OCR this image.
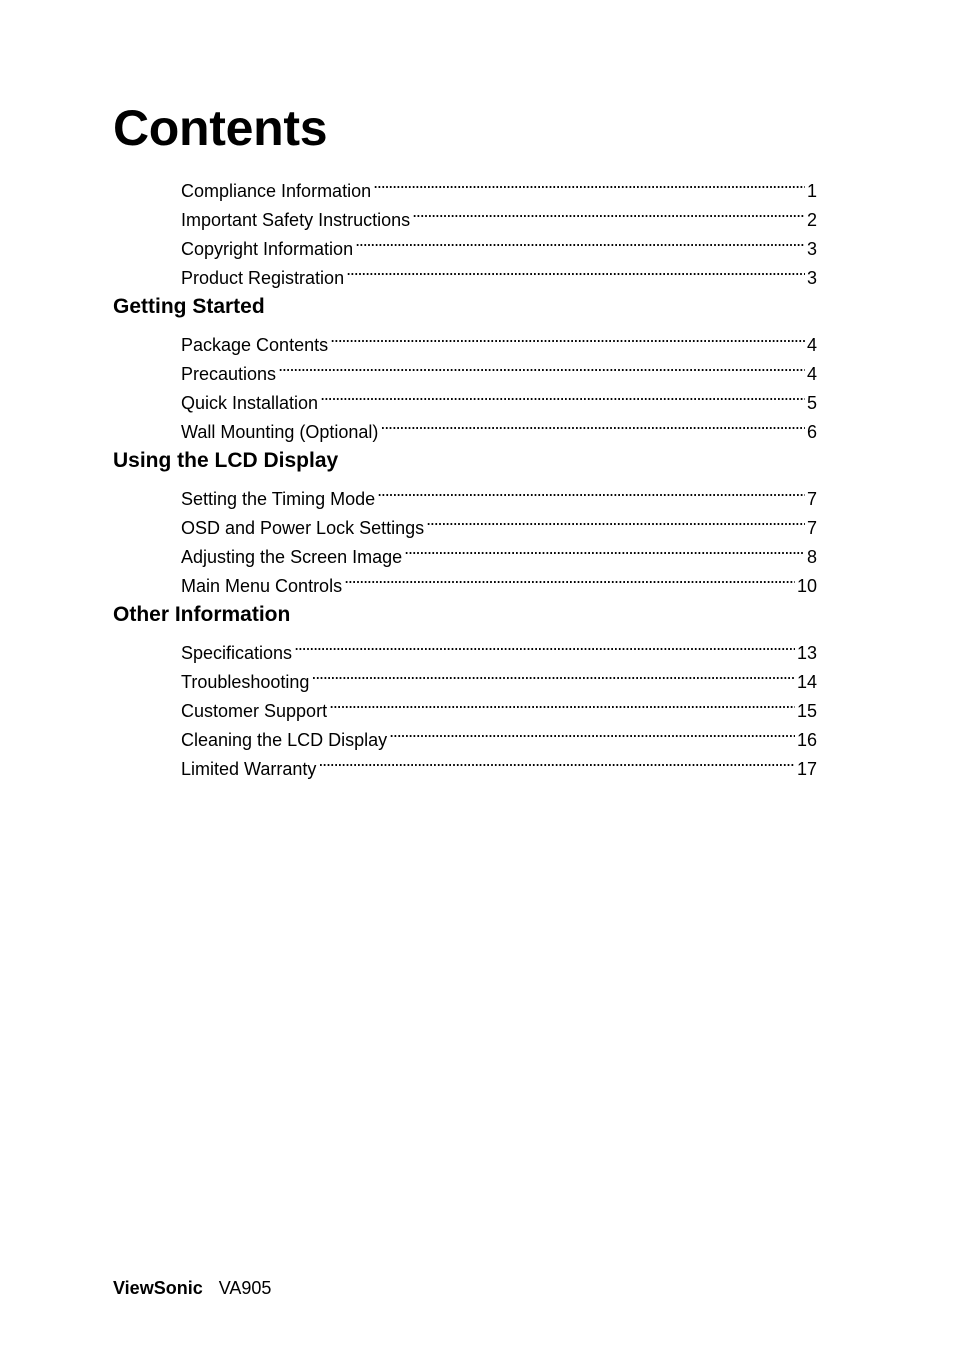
Contents
Compliance Information . . .	1
Important Safety Instructions . . .	2
Copyright Information . . .	3
Product Registration . . .	3
Getting Started
Package Contents . . .	4
Precautions . . .	4
Quick Installation . . .	5
Wall Mounting (Optional) . . .	6
Using the LCD Display
Setting the Timing Mode . . .	7
OSD and Power Lock Settings . . .	7
Adjusting the Screen Image . . .	8
Main Menu Controls . . .	10
Other Information
Specifications . . .	13
Troubleshooting . . .	14
Customer Support . . .	15
Cleaning the LCD Display . . .	16
Limited Warranty . . .	17
ViewSonic VA905
